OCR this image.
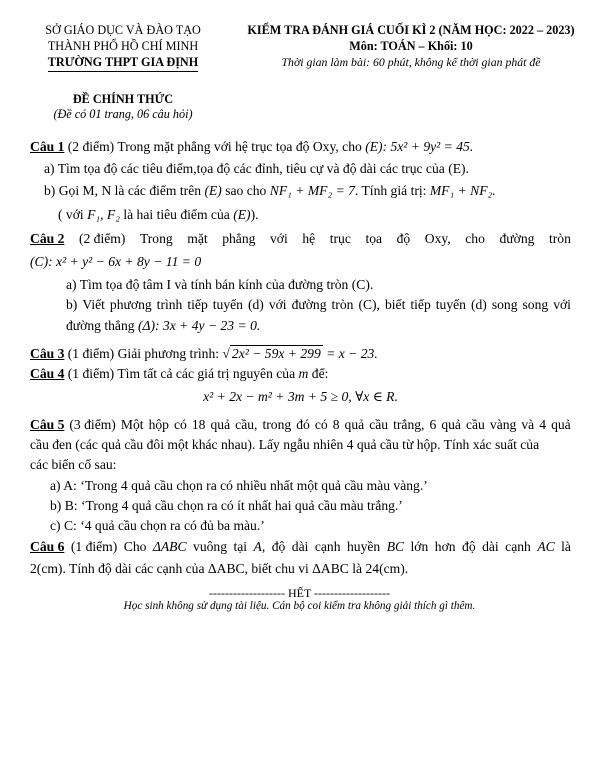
SỞ GIÁO DỤC VÀ ĐÀO TẠO
THÀNH PHỐ HỒ CHÍ MINH
TRƯỜNG THPT GIA ĐỊNH
KIỂM TRA ĐÁNH GIÁ CUỐI KÌ 2 (NĂM HỌC: 2022 – 2023)
Môn: TOÁN – Khối: 10
Thời gian làm bài: 60 phút, không kể thời gian phát đề
ĐỀ CHÍNH THỨC
(Đề có 01 trang, 06 câu hỏi)
Câu 1 (2 điểm) Trong mặt phẳng với hệ trục tọa độ Oxy, cho (E): 5x² + 9y² = 45.
a) Tìm tọa độ các tiêu điểm,tọa độ các đỉnh, tiêu cự và độ dài các trục của (E).
b) Gọi M, N là các điểm trên (E) sao cho NF₁ + MF₂ = 7. Tính giá trị: MF₁ + NF₂.
( với F₁, F₂ là hai tiêu điểm của (E)).
Câu 2 (2 điểm) Trong mặt phẳng với hệ trục tọa độ Oxy, cho đường tròn
(C): x² + y² − 6x + 8y − 11 = 0
a) Tìm tọa độ tâm I và tính bán kính của đường tròn (C).
b) Viết phương trình tiếp tuyến (d) với đường tròn (C), biết tiếp tuyến (d) song song với
đường thẳng (Δ): 3x + 4y − 23 = 0.
Câu 3 (1 điểm) Giải phương trình: √ 2x² − 59x + 299 = x − 23.
Câu 4 (1 điểm) Tìm tất cả các giá trị nguyên của m để:
x² + 2x − m² + 3m + 5 ≥ 0, ∀x ∈ R.
Câu 5 (3 điểm) Một hộp có 18 quả cầu, trong đó có 8 quả cầu trắng, 6 quả cầu vàng và 4 quả
cầu đen (các quả cầu đôi một khác nhau). Lấy ngẫu nhiên 4 quả cầu từ hộp. Tính xác suất của
các biến cố sau:
a) A: ‘Trong 4 quả cầu chọn ra có nhiều nhất một quả cầu màu vàng.’
b) B: ‘Trong 4 quả cầu chọn ra có ít nhất hai quả cầu màu trắng.’
c) C: ‘4 quả cầu chọn ra có đủ ba màu.’
Câu 6 (1 điểm) Cho ΔABC vuông tại A, độ dài cạnh huyền BC lớn hơn độ dài cạnh AC là
2(cm). Tính độ dài các cạnh của ΔABC, biết chu vi ΔABC là 24(cm).
------------------- HẾT -------------------
Học sinh không sử dụng tài liệu. Cán bộ coi kiểm tra không giải thích gì thêm.
